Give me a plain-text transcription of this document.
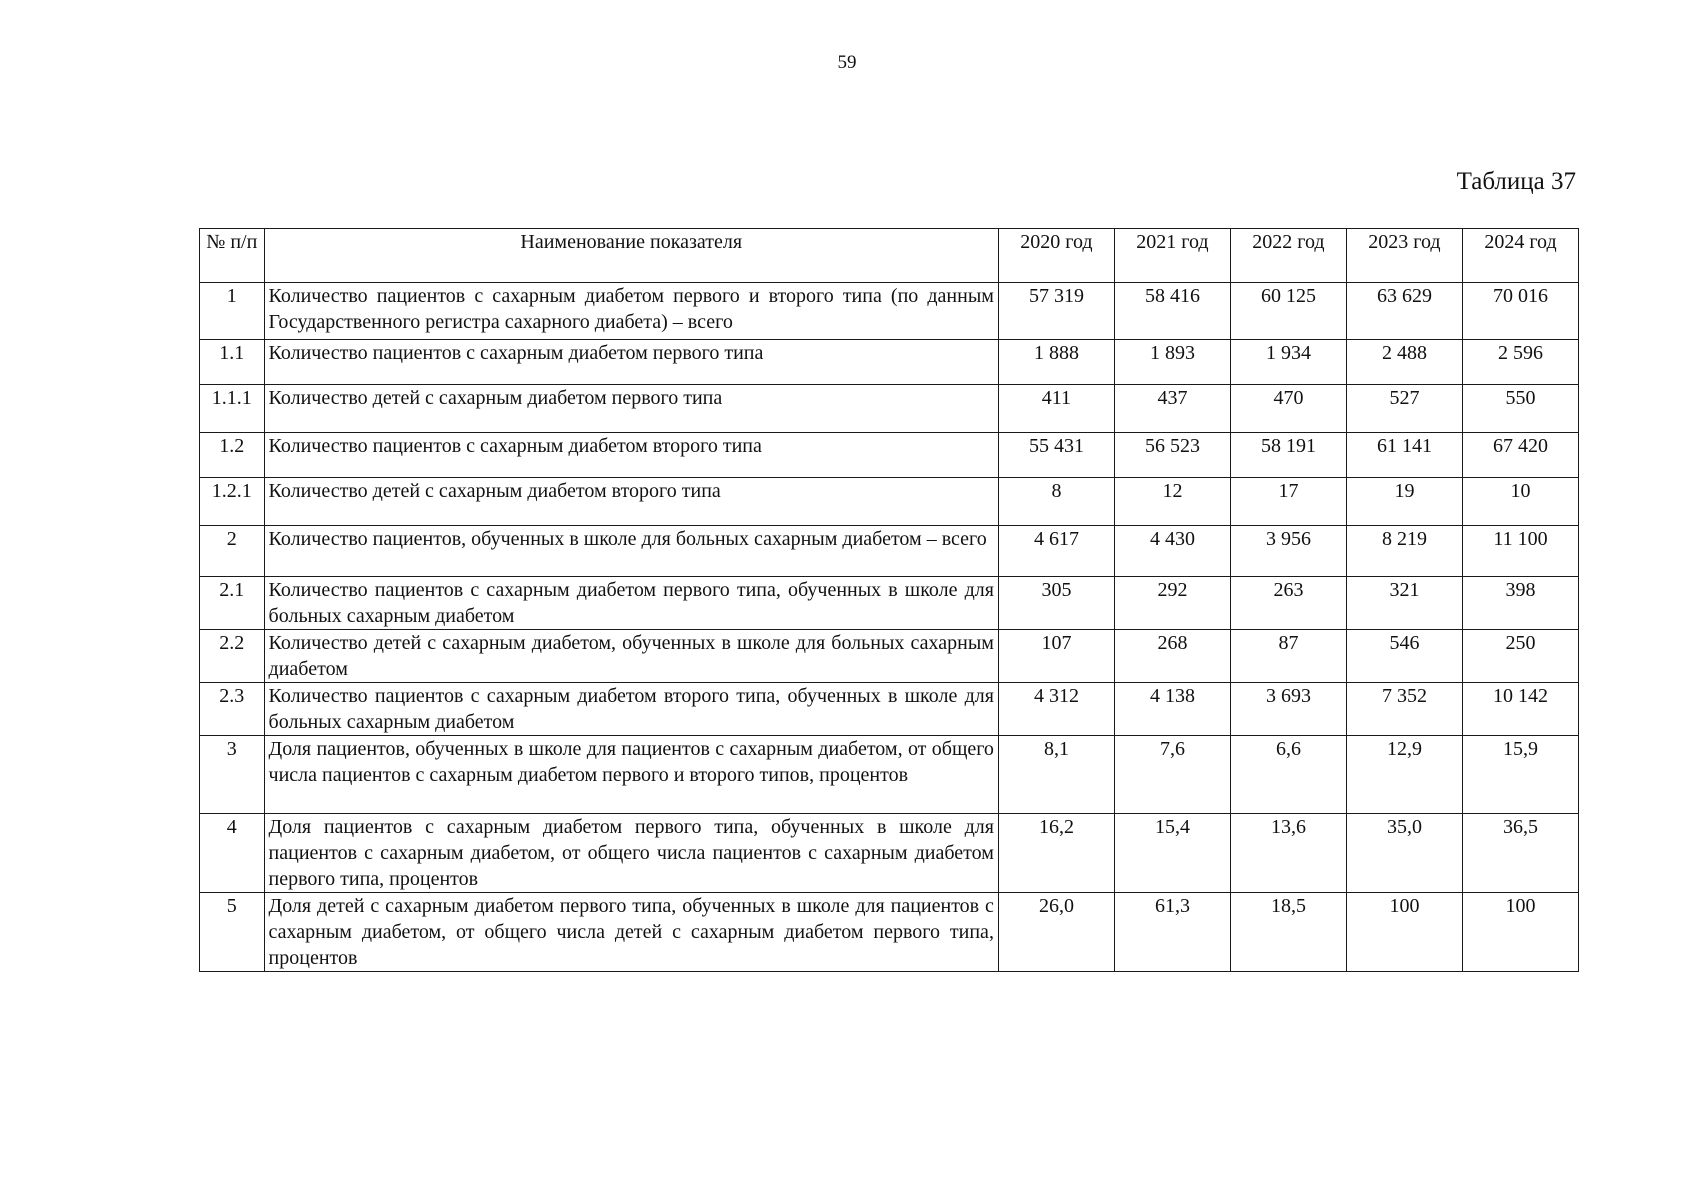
59
Таблица 37
№ п/п	Наименование показателя	2020 год	2021 год	2022 год	2023 год	2024 год
1	Количество пациентов с сахарным диабетом первого и второго типа (по данным Государственного регистра сахарного диабета) – всего	57 319	58 416	60 125	63 629	70 016
1.1	Количество пациентов с сахарным диабетом первого типа	1 888	1 893	1 934	2 488	2 596
1.1.1	Количество детей с сахарным диабетом первого типа	411	437	470	527	550
1.2	Количество пациентов с сахарным диабетом второго типа	55 431	56 523	58 191	61 141	67 420
1.2.1	Количество детей с сахарным диабетом второго типа	8	12	17	19	10
2	Количество пациентов, обученных в школе для больных сахарным диабетом – всего	4 617	4 430	3 956	8 219	11 100
2.1	Количество пациентов с сахарным диабетом первого типа, обученных в школе для больных сахарным диабетом	305	292	263	321	398
2.2	Количество детей с сахарным диабетом, обученных в школе для больных сахарным диабетом	107	268	87	546	250
2.3	Количество пациентов с сахарным диабетом второго типа, обученных в школе для больных сахарным диабетом	4 312	4 138	3 693	7 352	10 142
3	Доля пациентов, обученных в школе для пациентов с сахарным диабетом, от общего числа пациентов с сахарным диабетом первого и второго типов, процентов	8,1	7,6	6,6	12,9	15,9
4	Доля пациентов с сахарным диабетом первого типа, обученных в школе для пациентов с сахарным диабетом, от общего числа пациентов с сахарным диабетом первого типа, процентов	16,2	15,4	13,6	35,0	36,5
5	Доля детей с сахарным диабетом первого типа, обученных в школе для пациентов с сахарным диабетом, от общего числа детей с сахарным диабетом первого типа, процентов	26,0	61,3	18,5	100	100
